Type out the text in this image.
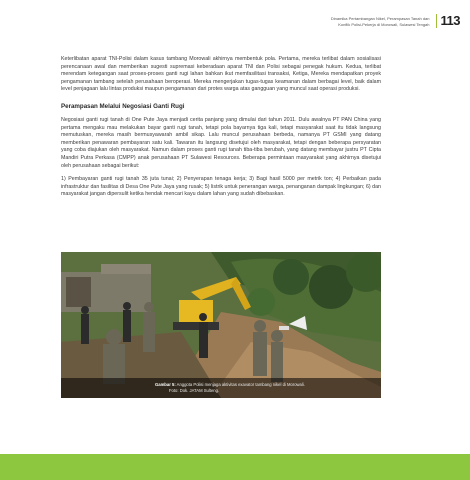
Dinamika Pertambangan Nikel, Perampasan Tanah dan
Konflik Polisi-Pekerja di Morowali, Sulawesi Tengah 113

Keterlibatan aparat TNI-Polisi dalam kasus tambang Morowali akhirnya membentuk pola. Pertama, mereka terlibat dalam sosialisasi perencanaan awal dan memberikan sugesti supremasi keberadaan aparat TNI dan Polisi sebagai penegak hukum. Kedua, terlibat merendam ketegangan saat proses-proses ganti rugi lahan bahkan ikut memfasilitasi transaksi, Ketiga, Mereka mendapatkan proyek pengamanan tambang setelah perusahaan beroperasi. Mereka mengerjakan tugas-tugas keamanan dalam berbagai level, baik dalam level penjagaan lalu lintas produksi maupun pengamanan dari protes warga atas gangguan yang muncul saat operasi produksi.

Perampasan Melalui Negosiasi Ganti Rugi

Negosiasi ganti rugi tanah di One Pute Jaya menjadi cerita panjang yang dimulai dari tahun 2011. Dulu awalnya PT PAN China yang pertama mengaku mau melakukan bayar ganti rugi tanah, tetapi pola bayarnya tiga kali, tetapi masyarakat saat itu tidak langsung memutuskan, mereka masih bermusyawarah ambil sikap. Lalu muncul perusahaan berbeda, namanya PT GSMI yang datang memberikan penawaran pembayaran satu kali. Tawaran itu langsung disetujui oleh masyarakat, tetapi dengan beberapa persyaratan yang coba diajukan oleh masyarakat. Namun dalam proses ganti rugi tanah tiba-tiba berubah, yang datang membayar justru PT Cipta Mandiri Putra Perkasa (CMPP) anak perusahaan PT Sulawesi Resources. Beberapa permintaan masyarakat yang akhirnya disetujui oleh perusahaan sebagai berikut:

1) Pembayaran ganti rugi tanah 35 juta tunai; 2) Penyerapan tenaga kerja; 3) Bagi hasil 5000 per metrik ton; 4) Perbaikan pada infrastruktur dan fasilitas di Desa One Pute Jaya yang rusak; 5) listrik untuk penerangan warga, penanganan dampak lingkungan; 6) dan masyarakat jangan dipersulit ketika hendak mencari kayu dalam lahan yang sudah dibebaskan.

Gambar 5: Anggota Polisi menjaga aktivitas exavator tambang nikel di Morowali.
Foto: Dok. JATAM Sulteng.
